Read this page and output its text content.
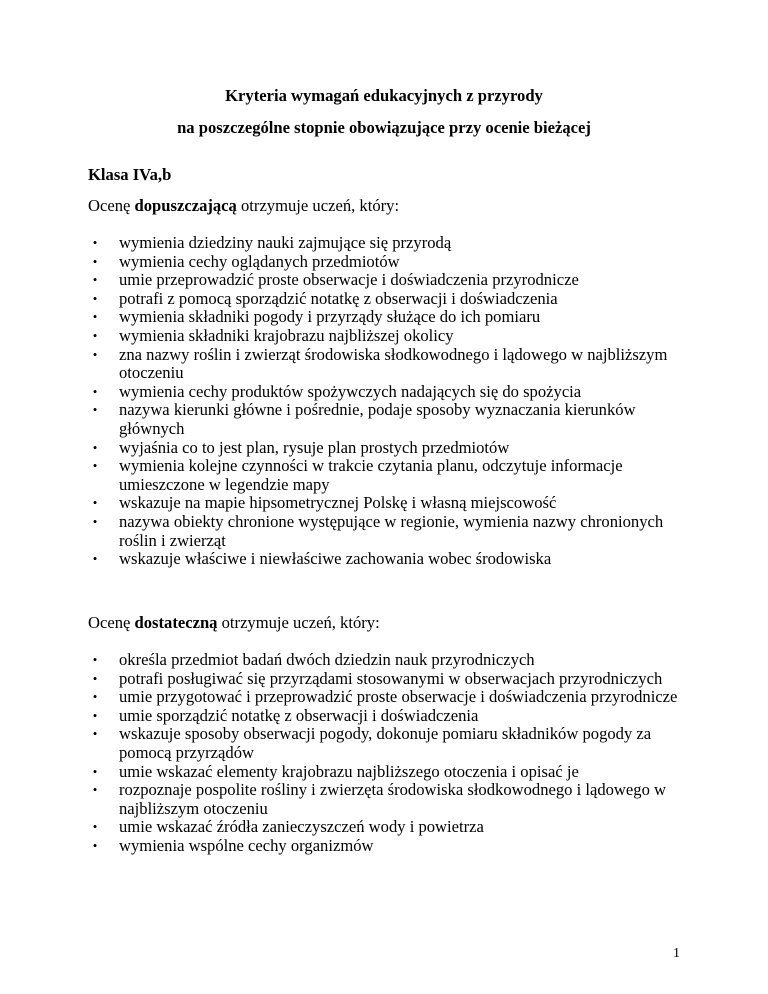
Kryteria wymagań edukacyjnych z przyrody
na poszczególne stopnie obowiązujące przy ocenie bieżącej
Klasa IVa,b
Ocenę dopuszczającą otrzymuje uczeń, który:
• wymienia dziedziny nauki zajmujące się przyrodą
• wymienia cechy oglądanych przedmiotów
• umie przeprowadzić proste obserwacje i doświadczenia przyrodnicze
• potrafi z pomocą sporządzić notatkę z obserwacji i doświadczenia
• wymienia składniki pogody i przyrządy służące do ich pomiaru
• wymienia składniki krajobrazu najbliższej okolicy
• zna nazwy roślin i zwierząt środowiska słodkowodnego i lądowego w najbliższym otoczeniu
• wymienia cechy produktów spożywczych nadających się do spożycia
• nazywa kierunki główne i pośrednie, podaje sposoby wyznaczania kierunków głównych
• wyjaśnia co to jest plan, rysuje plan prostych przedmiotów
• wymienia kolejne czynności w trakcie czytania planu, odczytuje informacje umieszczone w legendzie mapy
• wskazuje na mapie hipsometrycznej Polskę i własną miejscowość
• nazywa obiekty chronione występujące w regionie, wymienia nazwy chronionych roślin i zwierząt
• wskazuje właściwe i niewłaściwe zachowania wobec środowiska
Ocenę dostateczną otrzymuje uczeń, który:
• określa przedmiot badań dwóch dziedzin nauk przyrodniczych
• potrafi posługiwać się przyrządami stosowanymi w obserwacjach przyrodniczych
• umie przygotować i przeprowadzić proste obserwacje i doświadczenia przyrodnicze
• umie sporządzić notatkę z obserwacji i doświadczenia
• wskazuje sposoby obserwacji pogody, dokonuje pomiaru składników pogody za pomocą przyrządów
• umie wskazać elementy krajobrazu najbliższego otoczenia i opisać je
• rozpoznaje pospolite rośliny i zwierzęta środowiska słodkowodnego i lądowego w najbliższym otoczeniu
• umie wskazać źródła zanieczyszczeń wody i powietrza
• wymienia wspólne cechy organizmów
1
